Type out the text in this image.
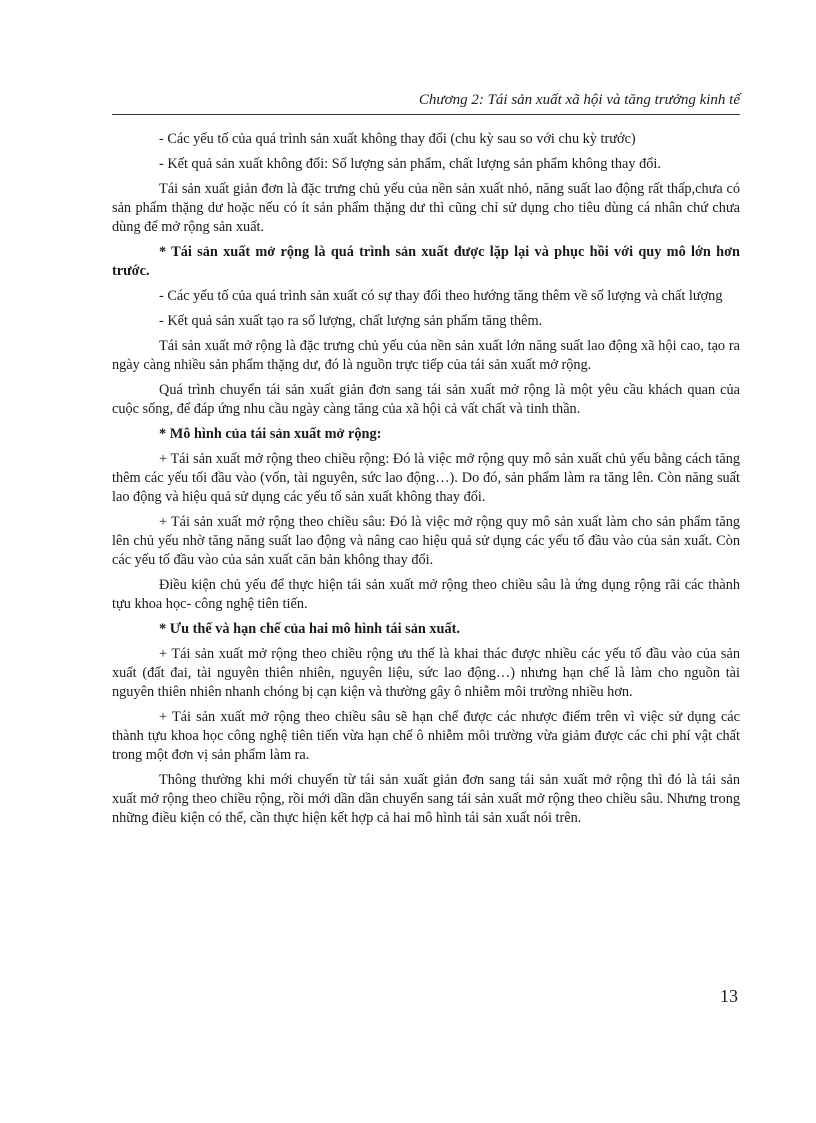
Chương 2: Tái sản xuất xã hội và tăng trưởng kinh tế

- Các yếu tố của quá trình sản xuất không thay đổi (chu kỳ sau so với chu kỳ trước)

- Kết quả sản xuất không đổi: Số lượng sản phẩm, chất lượng sản phẩm không thay đổi.

Tái sản xuất giản đơn là đặc trưng chủ yếu của nền sản xuất nhỏ, năng suất lao động rất thấp,chưa có sản phẩm thặng dư hoặc nếu có ít sản phẩm thặng dư thì cũng chỉ sử dụng cho tiêu dùng cá nhân chứ chưa dùng để mở rộng sản xuất.

* Tái sản xuất mở rộng là quá trình sản xuất được lặp lại và phục hồi với quy mô lớn hơn trước.

- Các yếu tố của quá trình sản xuất có sự thay đổi theo hướng tăng thêm về số lượng và chất lượng

- Kết quả sản xuất tạo ra số lượng, chất lượng sản phẩm tăng thêm.

Tái sản xuất mở rộng là đặc trưng chủ yếu của nền sản xuất lớn năng suất lao động xã hội cao, tạo ra ngày càng nhiều sản phẩm thặng dư, đó là nguồn trực tiếp của tái sản xuất mở rộng.

Quá trình chuyển tái sản xuất giản đơn sang tái sản xuất mở rộng là một yêu cầu khách quan của cuộc sống, để đáp ứng nhu cầu ngày càng tăng của xã hội cả vất chất và tinh thần.

* Mô hình của tái sản xuất mở rộng:

+ Tái sản xuất mở rộng theo chiều rộng: Đó là việc mở rộng quy mô sản xuất chủ yếu bằng cách tăng thêm các yếu tối đầu vào (vốn, tài nguyên, sức lao động…). Do đó, sản phẩm làm ra tăng lên. Còn năng suất lao động và hiệu quả sử dụng các yếu tố sản xuất không thay đổi.

+ Tái sản xuất mở rộng theo chiều sâu: Đó là việc mở rộng quy mô sản xuất làm cho sản phẩm tăng lên chủ yếu nhờ tăng năng suất lao động và nâng cao hiệu quả sử dụng các yếu tố đầu vào của sản xuất. Còn các yếu tố đầu vào của sản xuất căn bản không thay đổi.

Điều kiện chủ yếu để thực hiện tái sản xuất mở rộng theo chiều sâu là ứng dụng rộng rãi các thành tựu khoa học- công nghệ tiên tiến.

* Ưu thế và hạn chế của hai mô hình tái sản xuất.

+ Tái sản xuất mở rộng theo chiều rộng ưu thế là khai thác được nhiều các yếu tố đầu vào của sản xuất (đất đai, tài nguyên thiên nhiên, nguyên liệu, sức lao động…) nhưng hạn chế là làm cho nguồn tài nguyên thiên nhiên nhanh chóng bị cạn kiện và thường gây ô nhiễm môi trường nhiều hơn.

+ Tái sản xuất mở rộng theo chiều sâu sẽ hạn chế được các nhược điểm trên vì việc sử dụng các thành tựu khoa học công nghệ tiên tiến vừa hạn chế ô nhiễm môi trường vừa giảm được các chi phí vật chất trong một đơn vị sản phẩm làm ra.

Thông thường khi mới chuyển từ tái sản xuất giản đơn sang tái sản xuất mở rộng thì đó là tái sản xuất mở rộng theo chiều rộng, rồi mới dần dần chuyển sang tái sản xuất mở rộng theo chiều sâu. Nhưng trong những điều kiện có thể, cần thực hiện kết hợp cả hai mô hình tái sản xuất nói trên.

13
